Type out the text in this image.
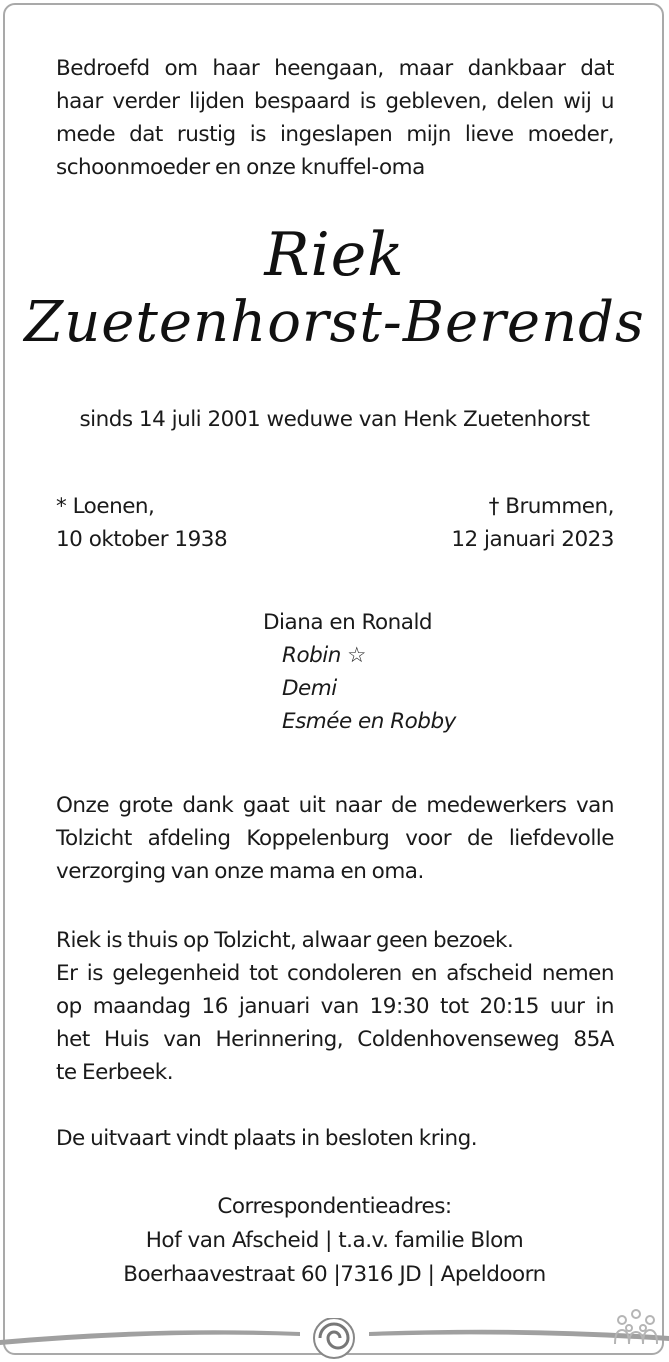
Bedroefd om haar heengaan, maar dankbaar dat
haar verder lijden bespaard is gebleven, delen wij u
mede dat rustig is ingeslapen mijn lieve moeder,
schoonmoeder en onze knuffel-oma
Riek
Zuetenhorst-Berends
sinds 14 juli 2001 weduwe van Henk Zuetenhorst
* Loenen,
10 oktober 1938
† Brummen,
12 januari 2023
Diana en Ronald
Robin ☆
Demi
Esmée en Robby
Onze grote dank gaat uit naar de medewerkers van
Tolzicht afdeling Koppelenburg voor de liefdevolle
verzorging van onze mama en oma.
Riek is thuis op Tolzicht, alwaar geen bezoek.
Er is gelegenheid tot condoleren en afscheid nemen
op maandag 16 januari van 19:30 tot 20:15 uur in
het Huis van Herinnering, Coldenhovenseweg 85A
te Eerbeek.
De uitvaart vindt plaats in besloten kring.
Correspondentieadres:
Hof van Afscheid | t.a.v. familie Blom
Boerhaavestraat 60 |7316 JD | Apeldoorn
